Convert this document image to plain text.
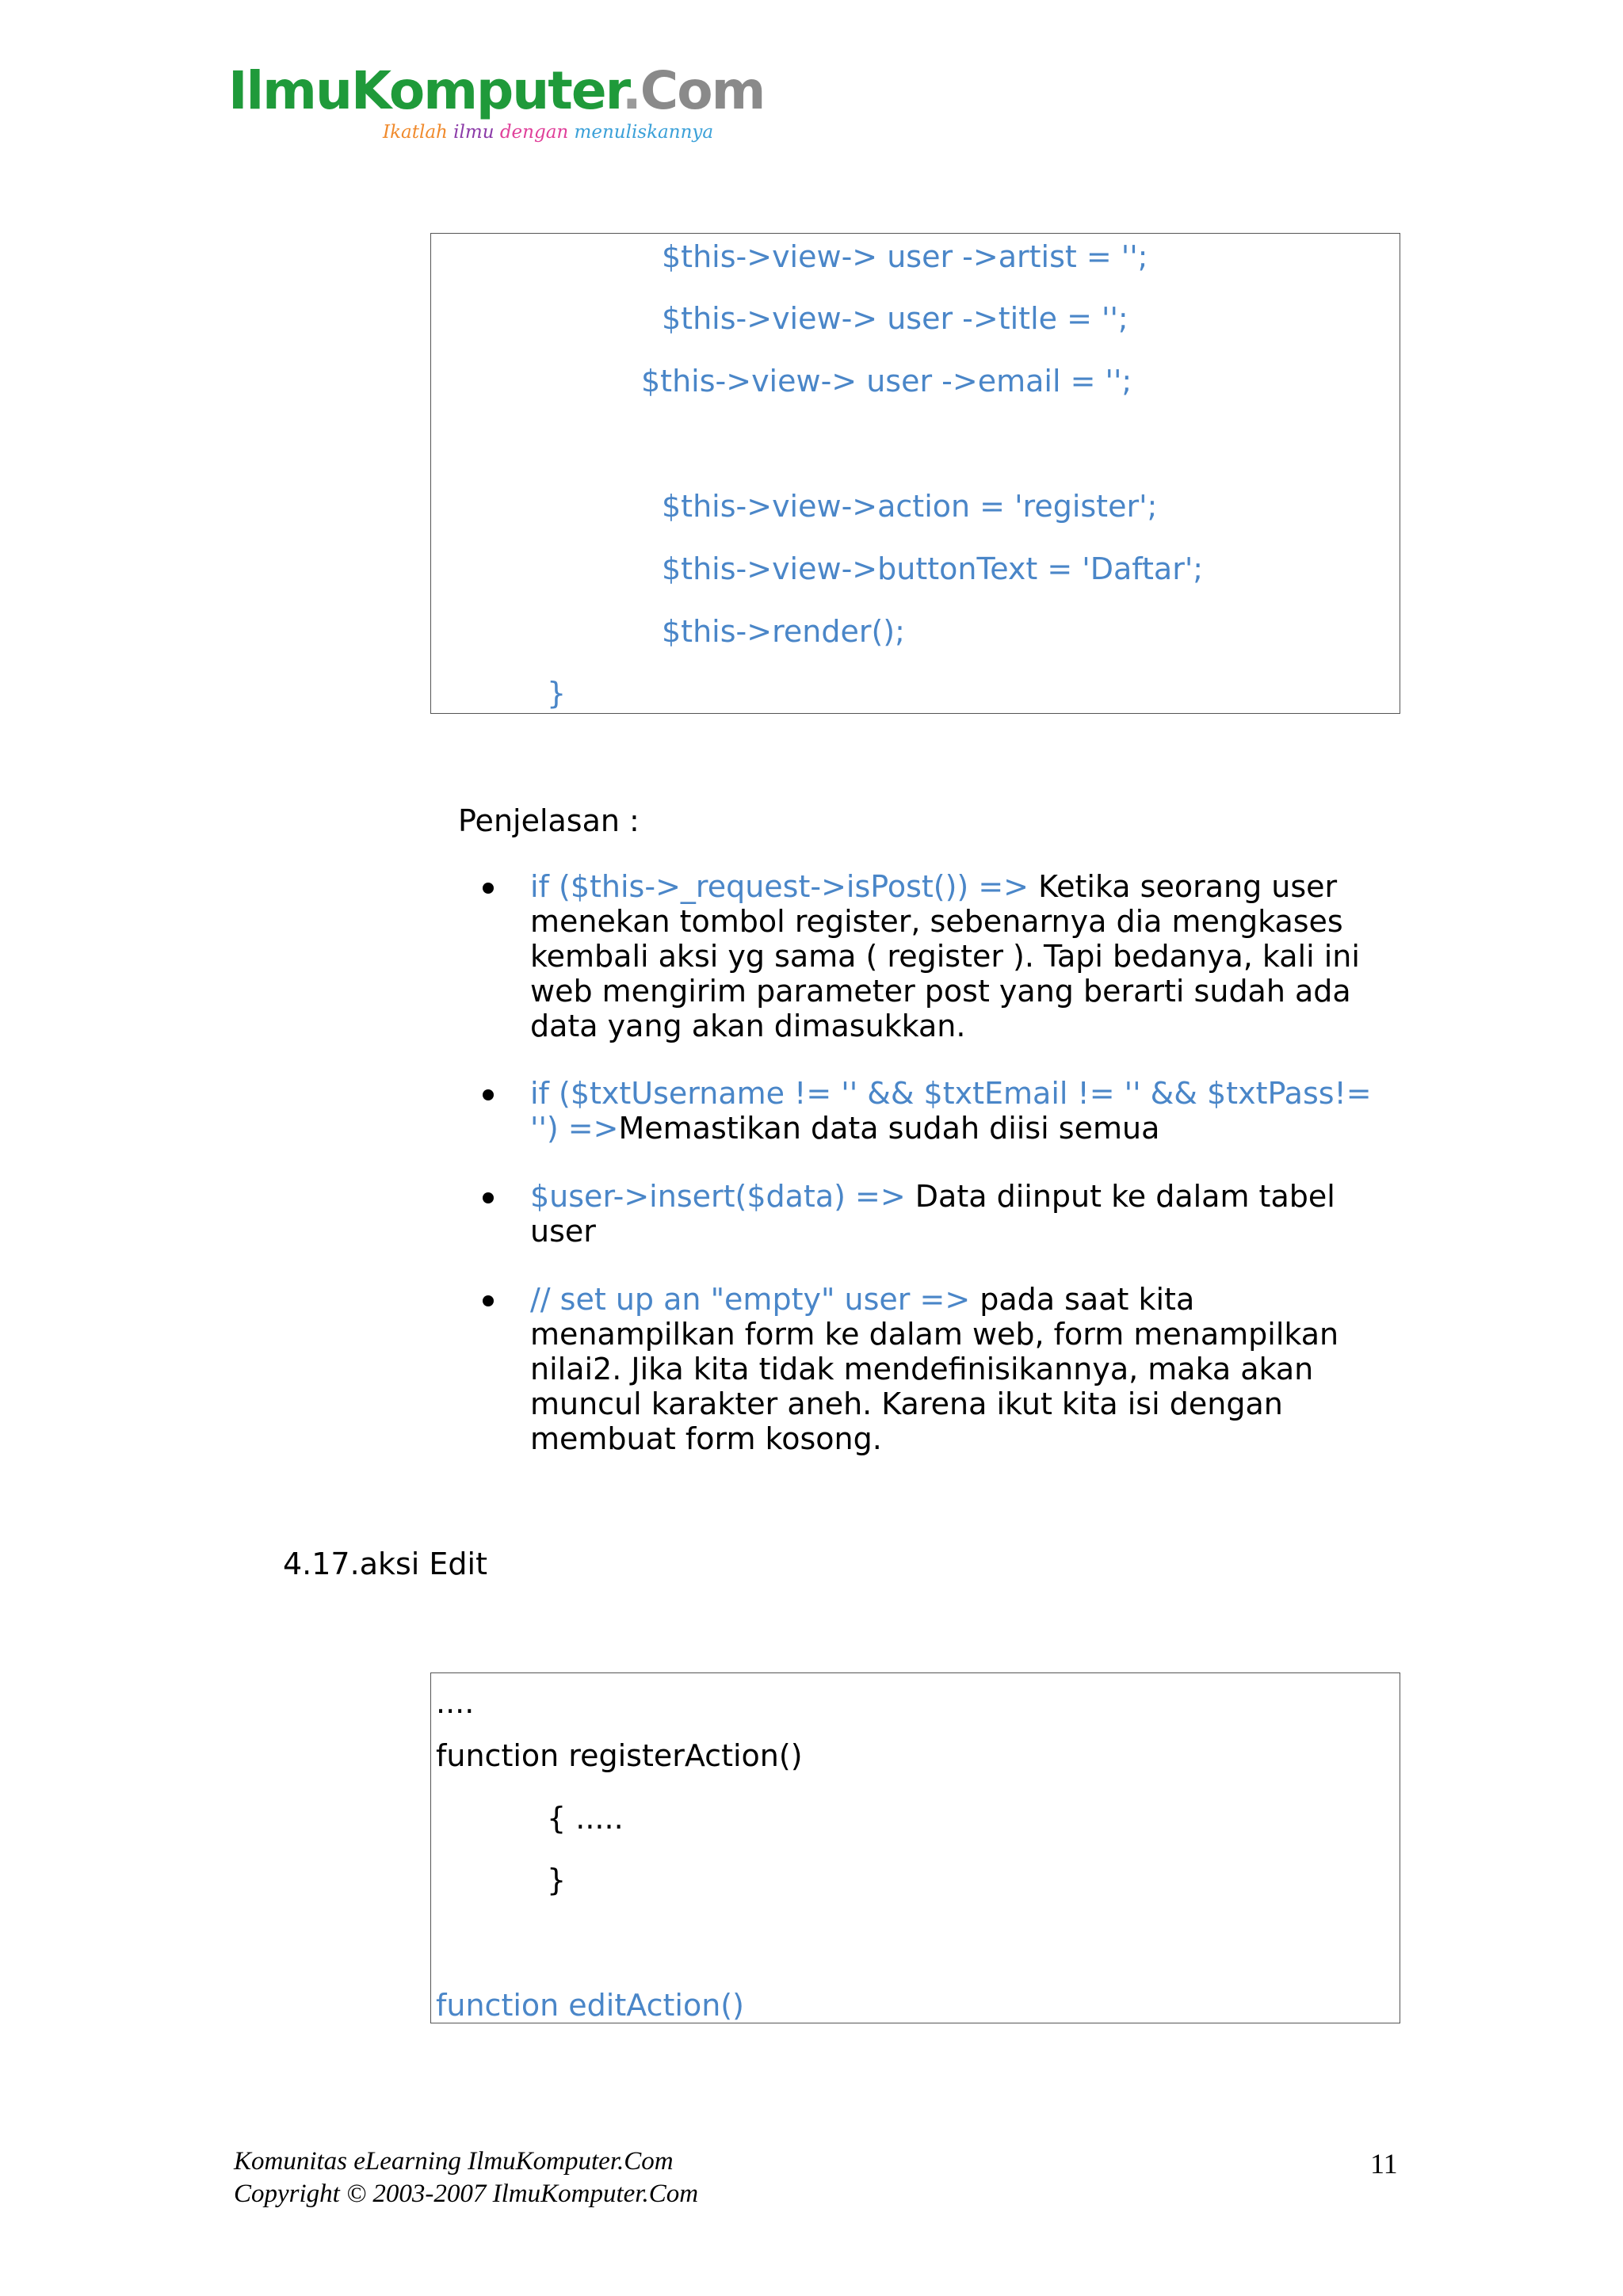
IlmuKomputer.Com
Ikatlah ilmu dengan menuliskannya
$this->view-> user ->artist = '';
$this->view-> user ->title = '';
$this->view-> user ->email = '';
$this->view->action = 'register';
$this->view->buttonText = 'Daftar';
$this->render();
}
Penjelasan :
if ($this->_request->isPost()) => Ketika seorang user
menekan tombol register, sebenarnya dia mengkases
kembali aksi yg sama ( register ). Tapi bedanya, kali ini
web mengirim parameter post yang berarti sudah ada
data yang akan dimasukkan.
if ($txtUsername != '' && $txtEmail != '' && $txtPass!=
'') =>Memastikan data sudah diisi semua
$user->insert($data) => Data diinput ke dalam tabel
user
// set up an "empty" user => pada saat kita
menampilkan form ke dalam web, form menampilkan
nilai2. Jika kita tidak mendefinisikannya, maka akan
muncul karakter aneh. Karena ikut kita isi dengan
membuat form kosong.
4.17.aksi Edit
....
function registerAction()
{ .....
}
function editAction()
Komunitas eLearning IlmuKomputer.Com
Copyright © 2003-2007 IlmuKomputer.Com
11
